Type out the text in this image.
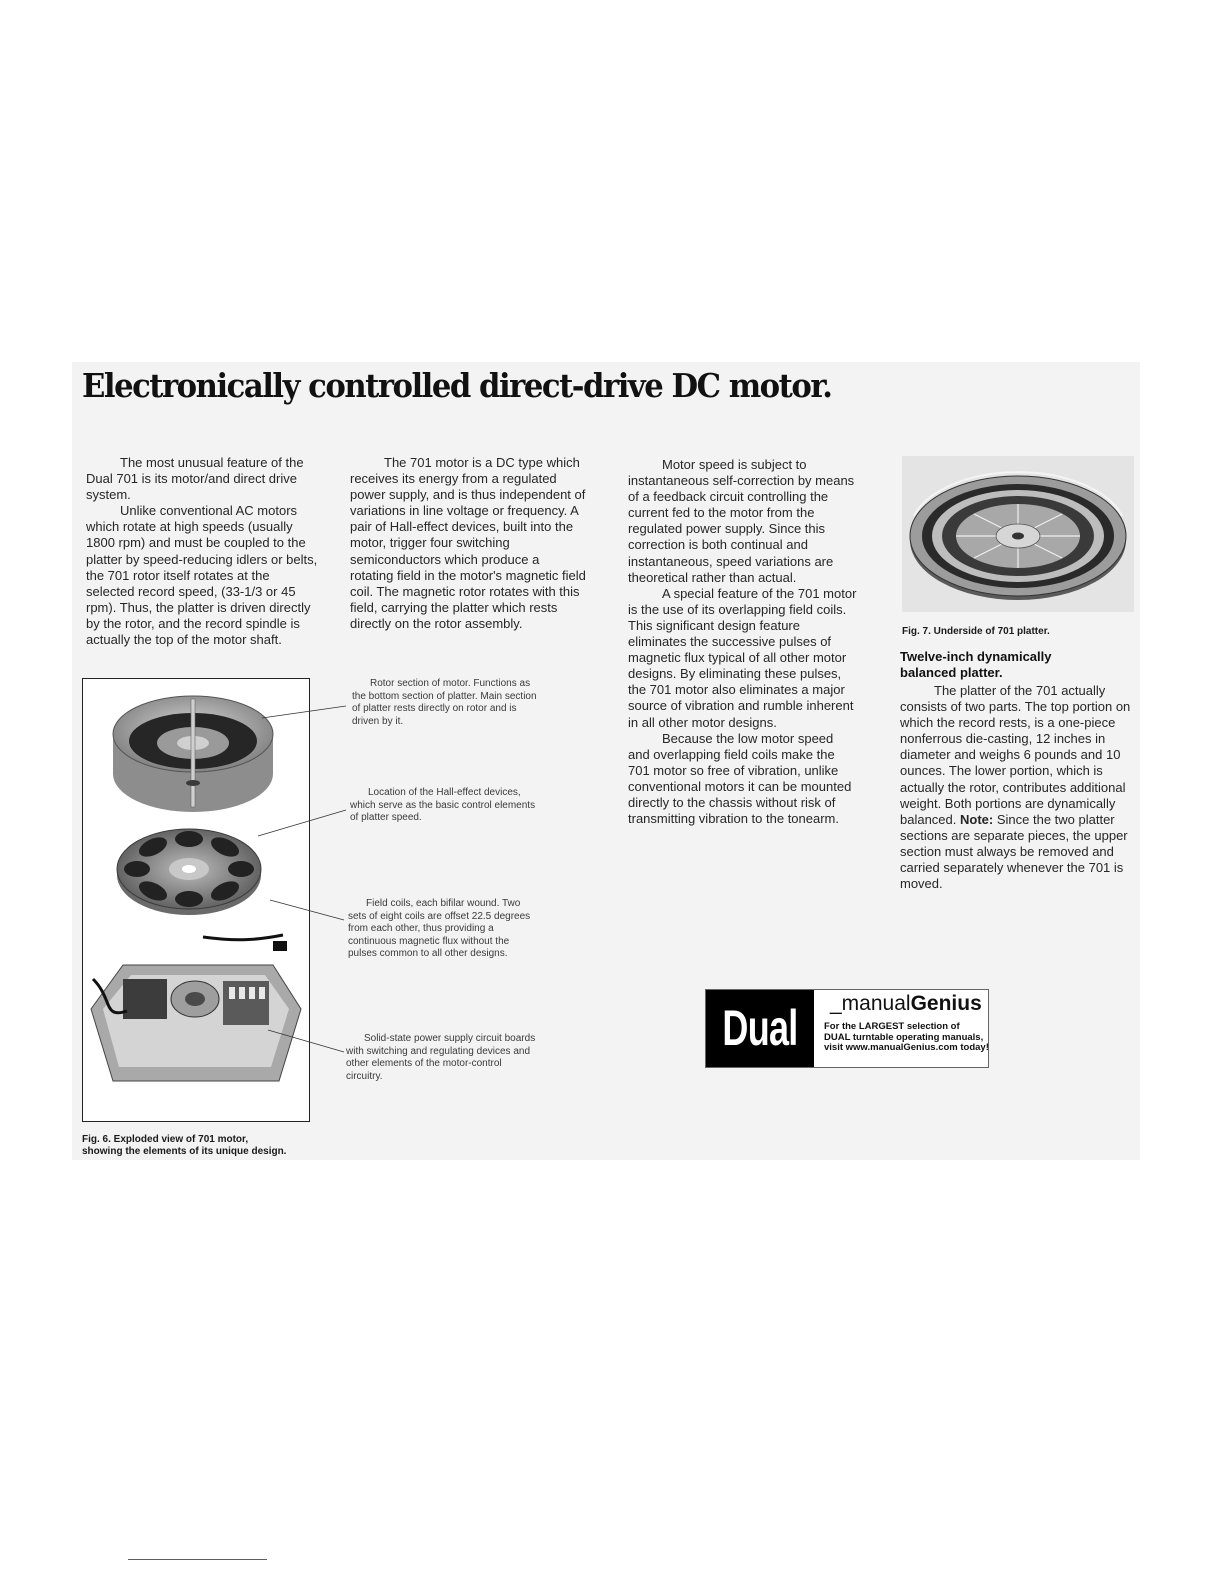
Electronically controlled direct-drive DC motor.

The most unusual feature of the Dual 701 is its motor/and direct drive system.

Unlike conventional AC motors which rotate at high speeds (usually 1800 rpm) and must be coupled to the platter by speed-reducing idlers or belts, the 701 rotor itself rotates at the selected record speed, (33-1/3 or 45 rpm). Thus, the platter is driven directly by the rotor, and the record spindle is actually the top of the motor shaft.

The 701 motor is a DC type which receives its energy from a regulated power supply, and is thus independent of variations in line voltage or frequency. A pair of Hall-effect devices, built into the motor, trigger four switching semiconductors which produce a rotating field in the motor's magnetic field coil. The magnetic rotor rotates with this field, carrying the platter which rests directly on the rotor assembly.

Motor speed is subject to instantaneous self-correction by means of a feedback circuit controlling the current fed to the motor from the regulated power supply. Since this correction is both continual and instantaneous, speed variations are theoretical rather than actual.

A special feature of the 701 motor is the use of its overlapping field coils. This significant design feature eliminates the successive pulses of magnetic flux typical of all other motor designs. By eliminating these pulses, the 701 motor also eliminates a major source of vibration and rumble inherent in all other motor designs.

Because the low motor speed and overlapping field coils make the 701 motor so free of vibration, unlike conventional motors it can be mounted directly to the chassis without risk of transmitting vibration to the tonearm.

Twelve-inch dynamically
balanced platter.

The platter of the 701 actually consists of two parts. The top portion on which the record rests, is a one-piece nonferrous die-casting, 12 inches in diameter and weighs 6 pounds and 10 ounces. The lower portion, which is actually the rotor, contributes additional weight. Both portions are dynamically balanced. Note: Since the two platter sections are separate pieces, the upper section must always be removed and carried separately whenever the 701 is moved.

Fig. 6. Exploded view of 701 motor,
showing the elements of its unique design.
Rotor section of motor. Functions as
the bottom section of platter. Main section
of platter rests directly on rotor and is
driven by it.
Location of the Hall-effect devices,
which serve as the basic control elements
of platter speed.
Field coils, each bifilar wound. Two
sets of eight coils are offset 22.5 degrees
from each other, thus providing a
continuous magnetic flux without the
pulses common to all other designs.
Solid-state power supply circuit boards
with switching and regulating devices and
other elements of the motor-control
circuitry.
Fig. 7. Underside of 701 platter.
Dual	_manualGenius
For the LARGEST selection of
DUAL turntable operating manuals,
visit www.manualGenius.com today!
